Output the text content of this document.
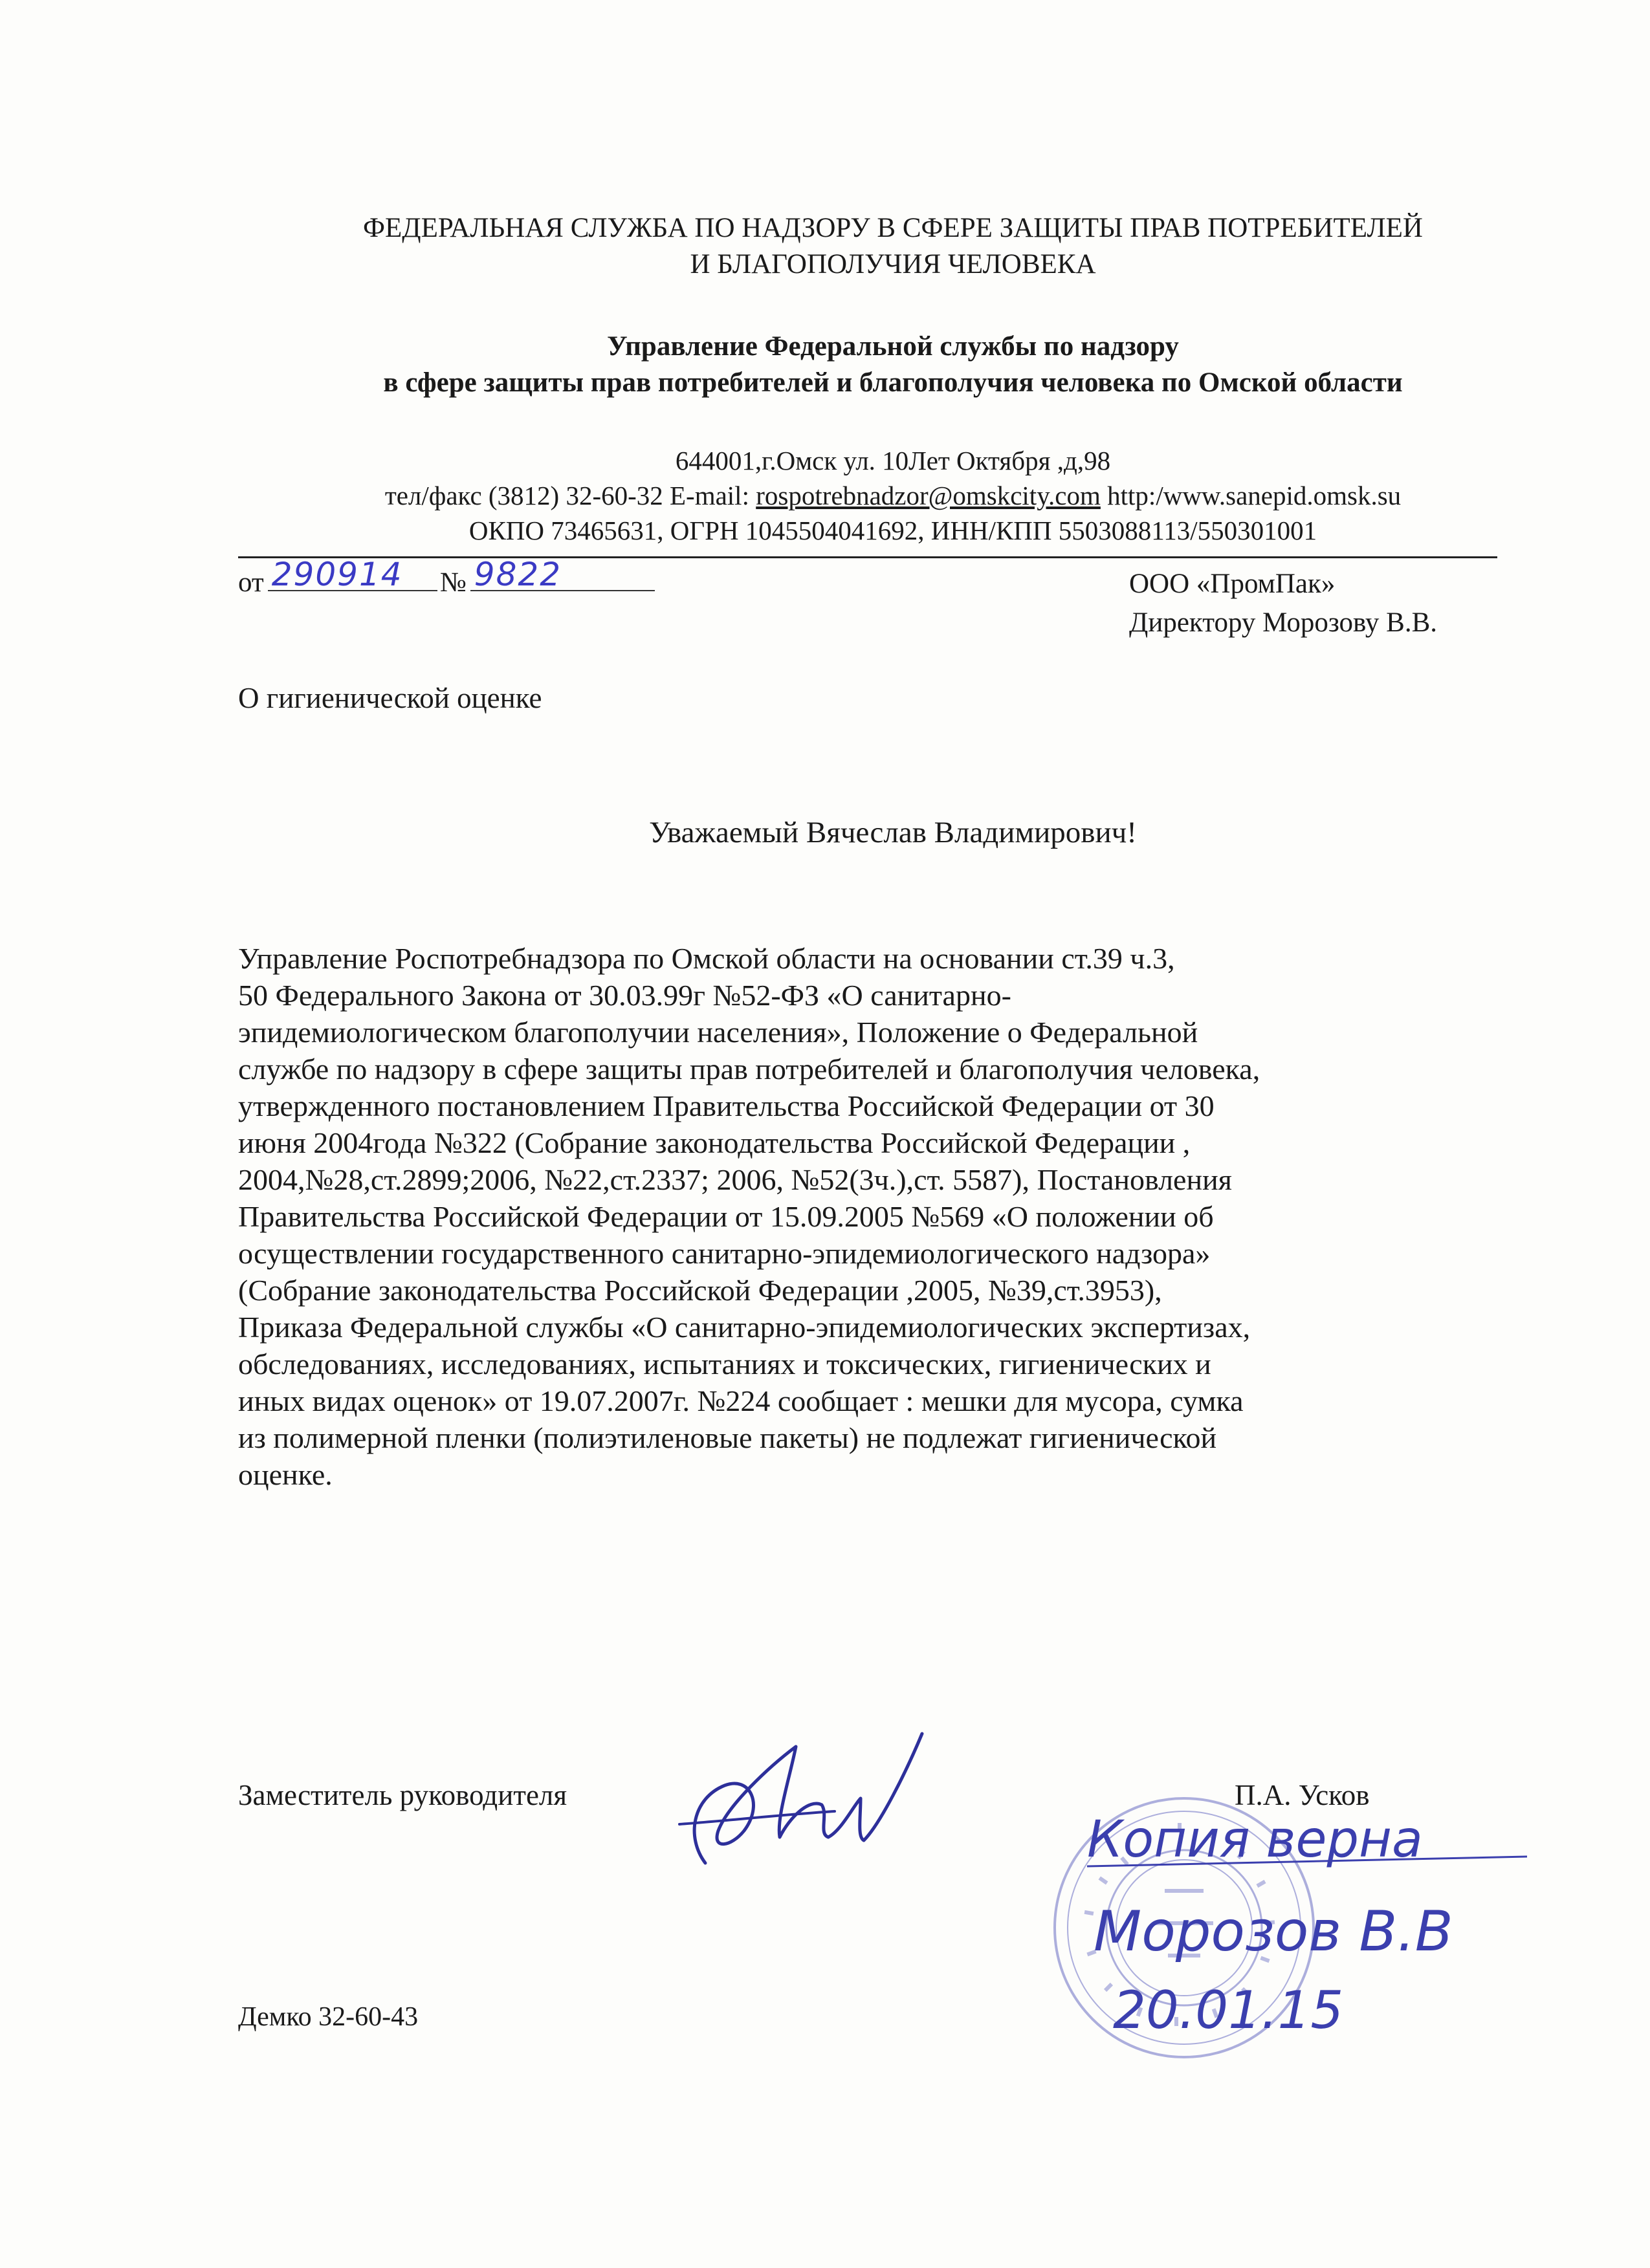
ФЕДЕРАЛЬНАЯ СЛУЖБА ПО НАДЗОРУ В СФЕРЕ ЗАЩИТЫ ПРАВ ПОТРЕБИТЕЛЕЙ
И БЛАГОПОЛУЧИЯ ЧЕЛОВЕКА
Управление Федеральной службы по надзору
в сфере защиты прав потребителей и благополучия человека по Омской области
644001,г.Омск ул. 10Лет Октября ,д,98
тел/факс (3812) 32-60-32 E-mail: rospotrebnadzor@omskcity.com http:/www.sanepid.omsk.su
ОКПО 73465631, ОГРН 1045504041692, ИНН/КПП 5503088113/550301001
от 290914 № 9822	ООО «ПромПак»
Директору Морозову В.В.
О гигиенической оценке
Уважаемый Вячеслав Владимирович!
Управление Роспотребнадзора по Омской области на основании ст.39 ч.3,
50 Федерального Закона от 30.03.99г №52-ФЗ «О санитарно-
эпидемиологическом благополучии населения», Положение о Федеральной
службе по надзору в сфере защиты прав потребителей и благополучия человека,
утвержденного постановлением Правительства Российской Федерации от 30
июня 2004года №322 (Собрание законодательства Российской Федерации ,
2004,№28,ст.2899;2006, №22,ст.2337; 2006, №52(3ч.),ст. 5587), Постановления
Правительства Российской Федерации от 15.09.2005 №569 «О положении об
осуществлении государственного санитарно-эпидемиологического надзора»
(Собрание законодательства Российской Федерации ,2005, №39,ст.3953),
Приказа Федеральной службы «О санитарно-эпидемиологических экспертизах,
обследованиях, исследованиях, испытаниях и токсических, гигиенических и
иных видах оценок» от 19.07.2007г. №224 сообщает : мешки для мусора, сумка
из полимерной пленки (полиэтиленовые пакеты) не подлежат гигиенической
оценке.
Заместитель руководителя	П.А. Усков
Копия верна
Морозов В.В
20.01.15
Демко 32-60-43
